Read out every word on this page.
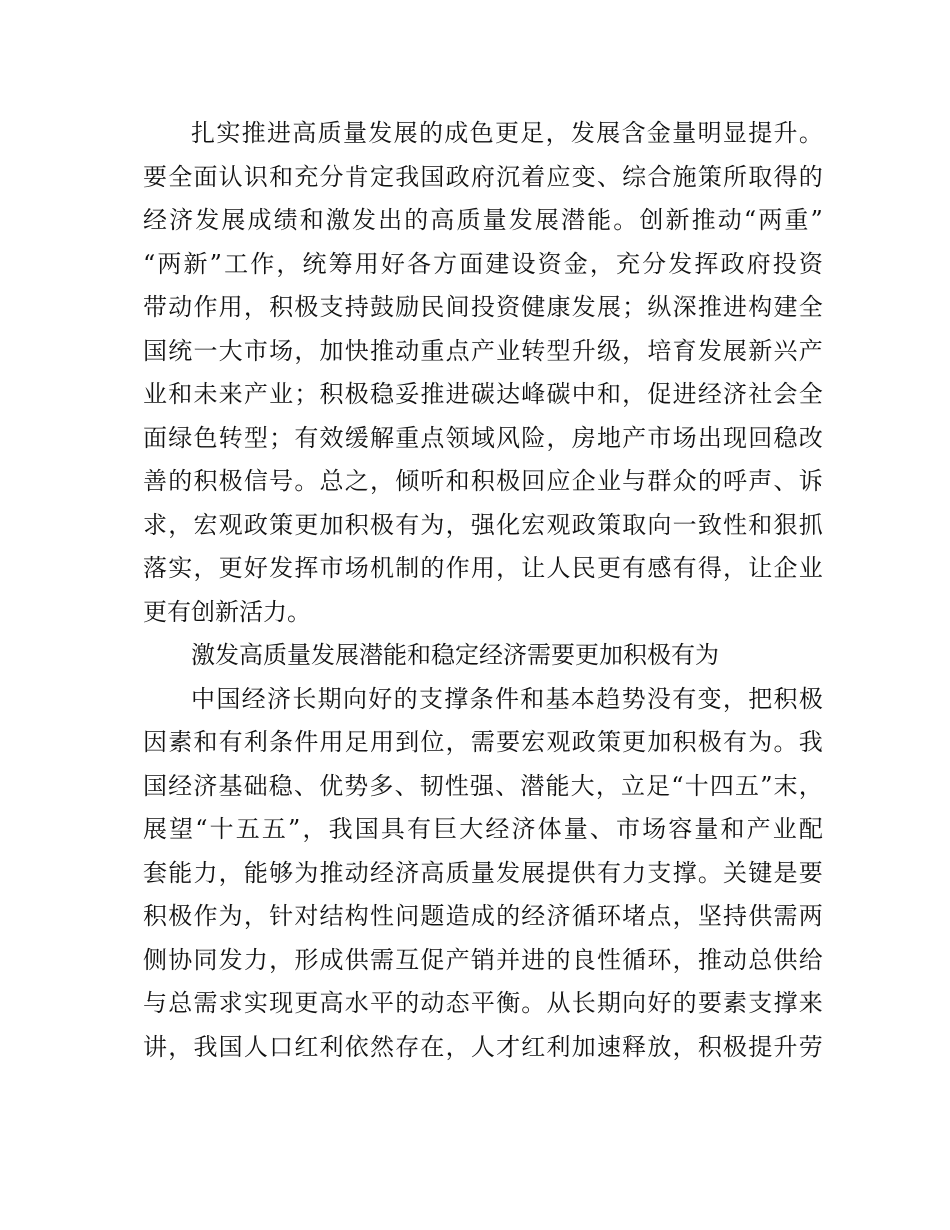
扎 实 推 进 高 质 量 发 展 的 成 色 更 足 ， 发 展 含 金 量 明 显 提 升 。
要 全 面 认 识 和 充 分 肯 定 我 国 政 府 沉 着 应 变 、 综 合 施 策 所 取 得 的
经 济 发 展 成 绩 和 激 发 出 的 高 质 量 发 展 潜 能 。 创 新 推 动 “ 两 重 ”
“ 两 新 ” 工 作 ， 统 筹 用 好 各 方 面 建 设 资 金 ， 充 分 发 挥 政 府 投 资
带 动 作 用 ， 积 极 支 持 鼓 励 民 间 投 资 健 康 发 展 ； 纵 深 推 进 构 建 全
国 统 一 大 市 场 ， 加 快 推 动 重 点 产 业 转 型 升 级 ， 培 育 发 展 新 兴 产
业 和 未 来 产 业 ； 积 极 稳 妥 推 进 碳 达 峰 碳 中 和 ， 促 进 经 济 社 会 全
面 绿 色 转 型 ； 有 效 缓 解 重 点 领 域 风 险 ， 房 地 产 市 场 出 现 回 稳 改
善 的 积 极 信 号 。 总 之 ， 倾 听 和 积 极 回 应 企 业 与 群 众 的 呼 声 、 诉
求 ， 宏 观 政 策 更 加 积 极 有 为 ， 强 化 宏 观 政 策 取 向 一 致 性 和 狠 抓
落 实 ， 更 好 发 挥 市 场 机 制 的 作 用 ， 让 人 民 更 有 感 有 得 ， 让 企 业
更 有 创 新 活 力 。
激 发 高 质 量 发 展 潜 能 和 稳 定 经 济 需 要 更 加 积 极 有 为
中 国 经 济 长 期 向 好 的 支 撑 条 件 和 基 本 趋 势 没 有 变 ， 把 积 极
因 素 和 有 利 条 件 用 足 用 到 位 ， 需 要 宏 观 政 策 更 加 积 极 有 为 。 我
国 经 济 基 础 稳 、 优 势 多 、 韧 性 强 、 潜 能 大 ， 立 足 “ 十 四 五 ” 末 ，
展 望 “ 十 五 五 ” ， 我 国 具 有 巨 大 经 济 体 量 、 市 场 容 量 和 产 业 配
套 能 力 ， 能 够 为 推 动 经 济 高 质 量 发 展 提 供 有 力 支 撑 。 关 键 是 要
积 极 作 为 ， 针 对 结 构 性 问 题 造 成 的 经 济 循 环 堵 点 ， 坚 持 供 需 两
侧 协 同 发 力 ， 形 成 供 需 互 促 产 销 并 进 的 良 性 循 环 ， 推 动 总 供 给
与 总 需 求 实 现 更 高 水 平 的 动 态 平 衡 。 从 长 期 向 好 的 要 素 支 撑 来
讲 ， 我 国 人 口 红 利 依 然 存 在 ， 人 才 红 利 加 速 释 放 ， 积 极 提 升 劳
